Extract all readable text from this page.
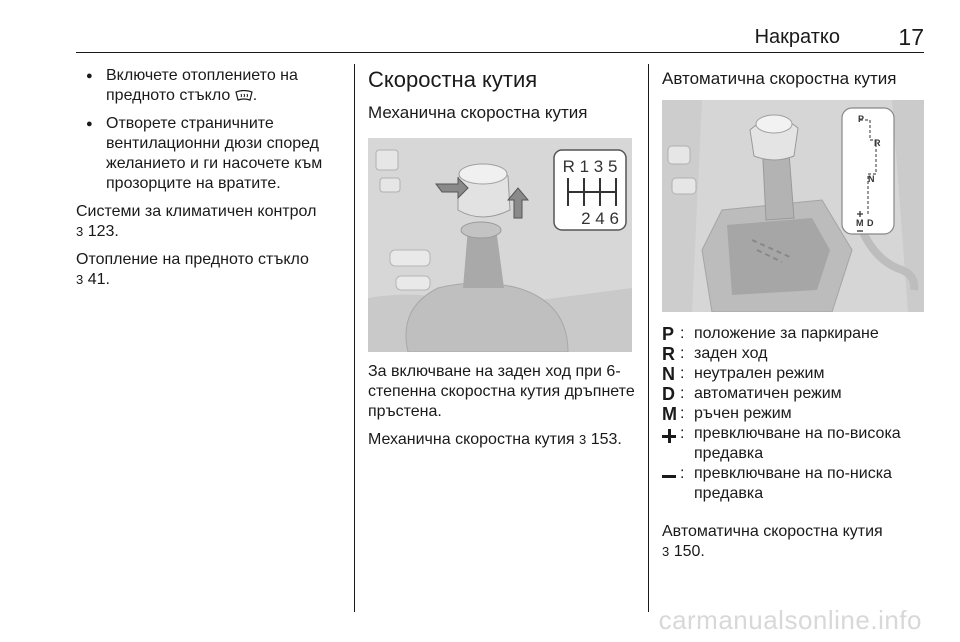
Накратко	17
● Включете отоплението на предното стъкло .
● Отворете страничните вентилационни дюзи според желанието и ги насочете към прозорците на вратите.

Системи за климатичен контрол
3 123.

Отопление на предното стъкло
3 41.

Скоростна кутия
Механична скоростна кутия
R 1 3 5
2 4 6

За включване на заден ход при 6-степенна скоростна кутия дръпнете пръстена.

Механична скоростна кутия 3 153.

Автоматична скоростна кутия
P
R
N
M D
P : положение за паркиране
R : заден ход
N : неутрален режим
D : автоматичен режим
M : ръчен режим
: превключване на по-висока предавка
: превключване на по-ниска предавка

Автоматична скоростна кутия
3 150.

carmanualsonline.info
